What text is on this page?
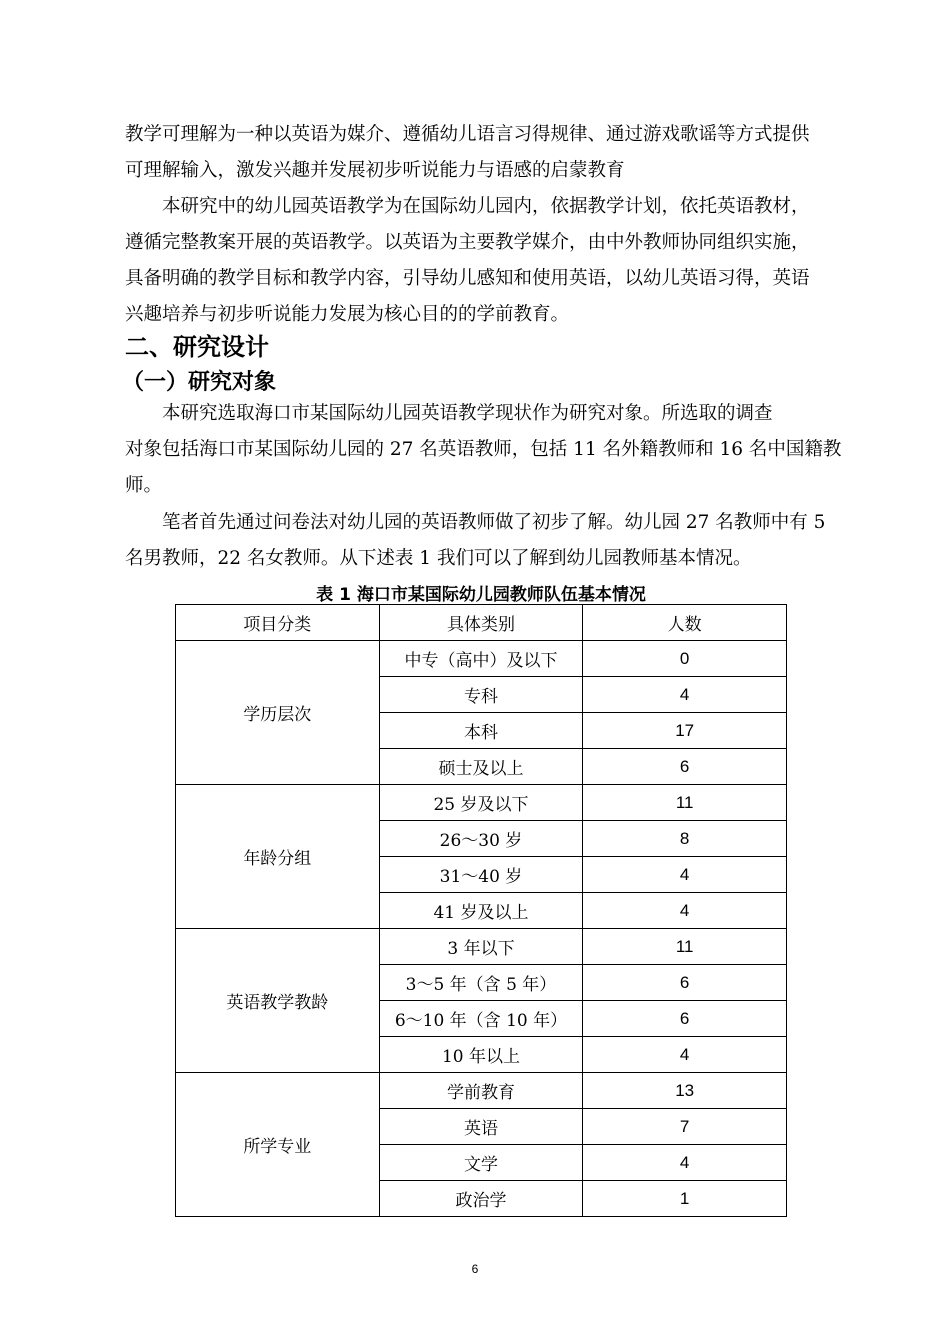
教学可理解为一种以英语为媒介、遵循幼儿语言习得规律、通过游戏歌谣等方式提供
可理解输入，激发兴趣并发展初步听说能力与语感的启蒙教育
　　本研究中的幼儿园英语教学为在国际幼儿园内，依据教学计划，依托英语教材，
遵循完整教案开展的英语教学。以英语为主要教学媒介，由中外教师协同组织实施，
具备明确的教学目标和教学内容，引导幼儿感知和使用英语，以幼儿英语习得，英语
兴趣培养与初步听说能力发展为核心目的的学前教育。
二、研究设计
（一）研究对象
　　本研究选取海口市某国际幼儿园英语教学现状作为研究对象。所选取的调查
对象包括海口市某国际幼儿园的 27 名英语教师，包括 11 名外籍教师和 16 名中国籍教
师。
　　笔者首先通过问卷法对幼儿园的英语教师做了初步了解。幼儿园 27 名教师中有 5
名男教师，22 名女教师。从下述表 1 我们可以了解到幼儿园教师基本情况。
表 1 海口市某国际幼儿园教师队伍基本情况
项目分类	具体类别	人数
学历层次	中专（高中）及以下	0
	专科	4
	本科	17
	硕士及以上	6
年龄分组	25 岁及以下	11
	26～30 岁	8
	31～40 岁	4
	41 岁及以上	4
英语教学教龄	3 年以下	11
	3～5 年（含 5 年）	6
	6～10 年（含 10 年）	6
	10 年以上	4
所学专业	学前教育	13
	英语	7
	文学	4
	政治学	1
6
